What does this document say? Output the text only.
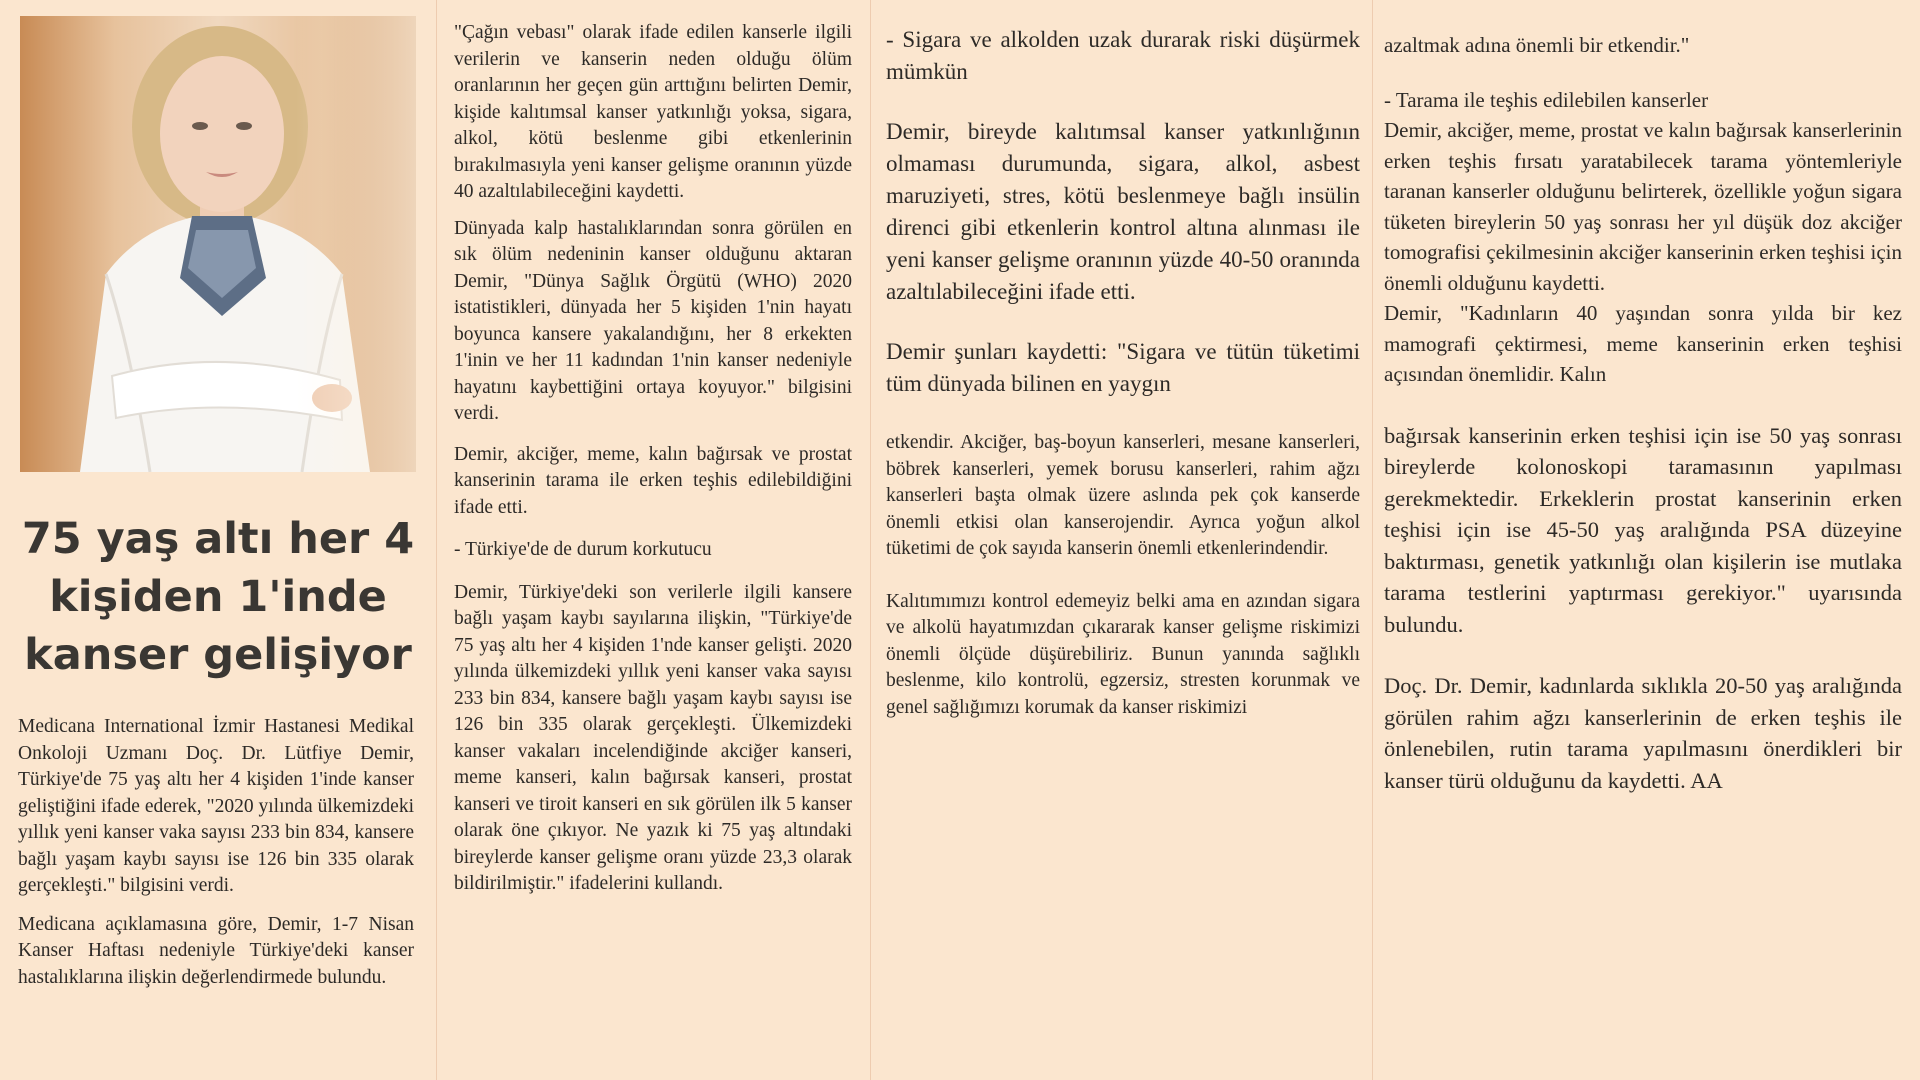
75 yaş altı her 4 kişiden 1'inde kanser gelişiyor

Medicana International İzmir Hastanesi Medikal Onkoloji Uzmanı Doç. Dr. Lütfiye Demir, Türkiye'de 75 yaş altı her 4 kişiden 1'inde kanser geliştiğini ifade ederek, "2020 yılında ülkemizdeki yıllık yeni kanser vaka sayısı 233 bin 834, kansere bağlı yaşam kaybı sayısı ise 126 bin 335 olarak gerçekleşti." bilgisini verdi.

Medicana açıklamasına göre, Demir, 1-7 Nisan Kanser Haftası nedeniyle Türkiye'deki kanser hastalıklarına ilişkin değerlendirmede bulundu.

"Çağın vebası" olarak ifade edilen kanserle ilgili verilerin ve kanserin neden olduğu ölüm oranlarının her geçen gün arttığını belirten Demir, kişide kalıtımsal kanser yatkınlığı yoksa, sigara, alkol, kötü beslenme gibi etkenlerinin bırakılmasıyla yeni kanser gelişme oranının yüzde 40 azaltılabileceğini kaydetti.

Dünyada kalp hastalıklarından sonra görülen en sık ölüm nedeninin kanser olduğunu aktaran Demir, "Dünya Sağlık Örgütü (WHO) 2020 istatistikleri, dünyada her 5 kişiden 1'nin hayatı boyunca kansere yakalandığını, her 8 erkekten 1'inin ve her 11 kadından 1'nin kanser nedeniyle hayatını kaybettiğini ortaya koyuyor." bilgisini verdi.

Demir, akciğer, meme, kalın bağırsak ve prostat kanserinin tarama ile erken teşhis edilebildiğini ifade etti.

- Türkiye'de de durum korkutucu

Demir, Türkiye'deki son verilerle ilgili kansere bağlı yaşam kaybı sayılarına ilişkin, "Türkiye'de 75 yaş altı her 4 kişiden 1'nde kanser gelişti. 2020 yılında ülkemizdeki yıllık yeni kanser vaka sayısı 233 bin 834, kansere bağlı yaşam kaybı sayısı ise 126 bin 335 olarak gerçekleşti. Ülkemizdeki kanser vakaları incelendiğinde akciğer kanseri, meme kanseri, kalın bağırsak kanseri, prostat kanseri ve tiroit kanseri en sık görülen ilk 5 kanser olarak öne çıkıyor. Ne yazık ki 75 yaş altındaki bireylerde kanser gelişme oranı yüzde 23,3 olarak bildirilmiştir." ifadelerini kullandı.

- Sigara ve alkolden uzak durarak riski düşürmek mümkün

Demir, bireyde kalıtımsal kanser yatkınlığının olmaması durumunda, sigara, alkol, asbest maruziyeti, stres, kötü beslenmeye bağlı insülin direnci gibi etkenlerin kontrol altına alınması ile yeni kanser gelişme oranının yüzde 40-50 oranında azaltılabileceğini ifade etti.

Demir şunları kaydetti: "Sigara ve tütün tüketimi tüm dünyada bilinen en yaygın

etkendir. Akciğer, baş-boyun kanserleri, mesane kanserleri, böbrek kanserleri, yemek borusu kanserleri, rahim ağzı kanserleri başta olmak üzere aslında pek çok kanserde önemli etkisi olan kanserojendir. Ayrıca yoğun alkol tüketimi de çok sayıda kanserin önemli etkenlerindendir.

Kalıtımımızı kontrol edemeyiz belki ama en azından sigara ve alkolü hayatımızdan çıkararak kanser gelişme riskimizi önemli ölçüde düşürebiliriz. Bunun yanında sağlıklı beslenme, kilo kontrolü, egzersiz, stresten korunmak ve genel sağlığımızı korumak da kanser riskimizi

azaltmak adına önemli bir etkendir."

- Tarama ile teşhis edilebilen kanserler

Demir, akciğer, meme, prostat ve kalın bağırsak kanserlerinin erken teşhis fırsatı yaratabilecek tarama yöntemleriyle taranan kanserler olduğunu belirterek, özellikle yoğun sigara tüketen bireylerin 50 yaş sonrası her yıl düşük doz akciğer tomografisi çekilmesinin akciğer kanserinin erken teşhisi için önemli olduğunu kaydetti.

Demir, "Kadınların 40 yaşından sonra yılda bir kez mamografi çektirmesi, meme kanserinin erken teşhisi açısından önemlidir. Kalın

bağırsak kanserinin erken teşhisi için ise 50 yaş sonrası bireylerde kolonoskopi taramasının yapılması gerekmektedir. Erkeklerin prostat kanserinin erken teşhisi için ise 45-50 yaş aralığında PSA düzeyine baktırması, genetik yatkınlığı olan kişilerin ise mutlaka tarama testlerini yaptırması gerekiyor." uyarısında bulundu.

Doç. Dr. Demir, kadınlarda sıklıkla 20-50 yaş aralığında görülen rahim ağzı kanserlerinin de erken teşhis ile önlenebilen, rutin tarama yapılmasını önerdikleri bir kanser türü olduğunu da kaydetti. AA
